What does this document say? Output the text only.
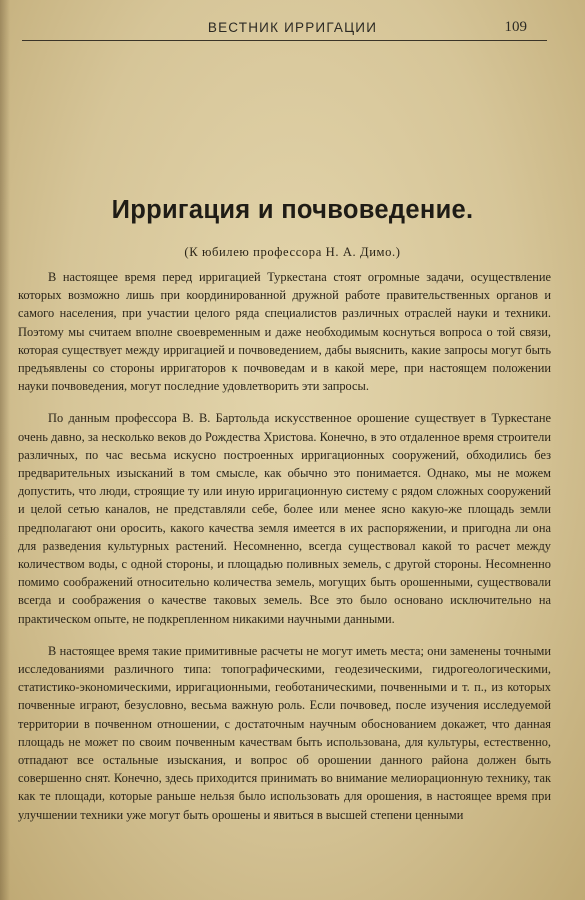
ВЕСТНИК ИРРИГАЦИИ	109
Ирригация и почвоведение.
(К юбилею профессора Н. А. Димо.)

В настоящее время перед ирригацией Туркестана стоят огромные задачи, осуществление которых возможно лишь при координированной дружной работе правительственных органов и самого населения, при участии целого ряда специалистов различных отраслей науки и техники. Поэтому мы считаем вполне своевременным и даже необходимым коснуться вопроса о той связи, которая существует между ирригацией и почвоведением, дабы выяснить, какие запросы могут быть предъявлены со стороны ирригаторов к почвоведам и в какой мере, при настоящем положении науки почвоведения, могут последние удовлетворить эти запросы.

По данным профессора В. В. Бартольда искусственное орошение существует в Туркестане очень давно, за несколько веков до Рождества Христова. Конечно, в это отдаленное время строители различных, по час весьма искусно построенных ирригационных сооружений, обходились без предварительных изысканий в том смысле, как обычно это понимается. Однако, мы не можем допустить, что люди, строящие ту или иную ирригационную систему с рядом сложных сооружений и целой сетью каналов, не представляли себе, более или менее ясно какую-же площадь земли предполагают они оросить, какого качества земля имеется в их распоряжении, и пригодна ли она для разведения культурных растений. Несомненно, всегда существовал какой то расчет между количеством воды, с одной стороны, и площадью поливных земель, с другой стороны. Несомненно помимо соображений относительно количества земель, могущих быть орошенными, существовали всегда и соображения о качестве таковых земель. Все это было основано исключительно на практическом опыте, не подкрепленном никакими научными данными.

В настоящее время такие примитивные расчеты не могут иметь места; они заменены точными исследованиями различного типа: топографическими, геодезическими, гидрогеологическими, статистико-экономическими, ирригационными, геоботаническими, почвенными и т. п., из которых почвенные играют, безусловно, весьма важную роль. Если почвовед, после изучения исследуемой территории в почвенном отношении, с достаточным научным обоснованием докажет, что данная площадь не может по своим почвенным качествам быть использована, для культуры, естественно, отпадают все остальные изыскания, и вопрос об орошении данного района должен быть совершенно снят. Конечно, здесь приходится принимать во внимание мелиорационную технику, так как те площади, которые раньше нельзя было использовать для орошения, в настоящее время при улучшении техники уже могут быть орошены и явиться в высшей степени ценными
